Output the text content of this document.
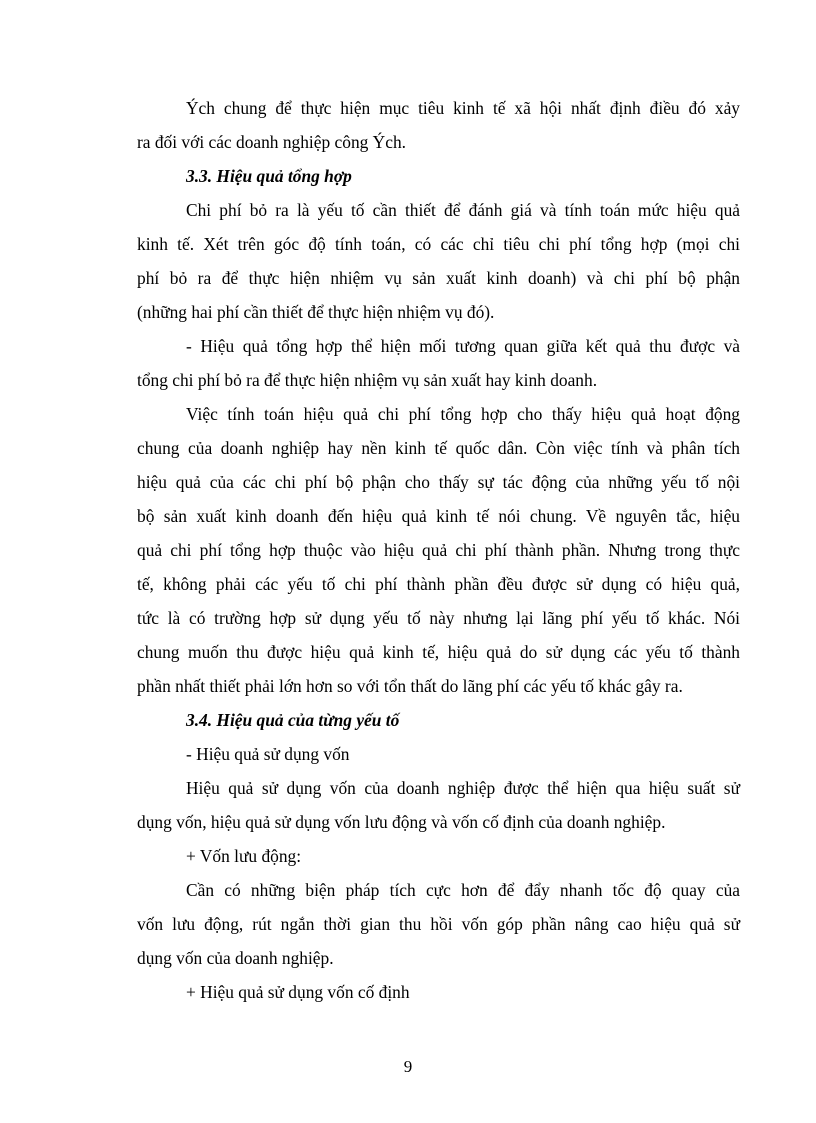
Ých chung để thực hiện mục tiêu kinh tế xã hội nhất định điều đó xảy
ra đối với các doanh nghiệp công Ých.
3.3. Hiệu quả tổng hợp
Chi phí bỏ ra là yếu tố cần thiết để đánh giá và tính toán mức hiệu quả
kinh tế. Xét trên góc độ tính toán, có các chỉ tiêu chi phí tổng hợp (mọi chi
phí bỏ ra để thực hiện nhiệm vụ sản xuất kinh doanh) và chi phí bộ phận
(những hai phí cần thiết để thực hiện nhiệm vụ đó).
- Hiệu quả tổng hợp thể hiện mối tương quan giữa kết quả thu được và
tổng chi phí bỏ ra để thực hiện nhiệm vụ sản xuất hay kinh doanh.
Việc tính toán hiệu quả chi phí tổng hợp cho thấy hiệu quả hoạt động
chung của doanh nghiệp hay nền kinh tế quốc dân. Còn việc tính và phân tích
hiệu quả của các chi phí bộ phận cho thấy sự tác động của những yếu tố nội
bộ sản xuất kinh doanh đến hiệu quả kinh tế nói chung. Về nguyên tắc, hiệu
quả chi phí tổng hợp thuộc vào hiệu quả chi phí thành phần. Nhưng trong thực
tế, không phải các yếu tố chi phí thành phần đều được sử dụng có hiệu quả,
tức là có trường hợp sử dụng yếu tố này nhưng lại lãng phí yếu tố khác. Nói
chung muốn thu được hiệu quả kinh tế, hiệu quả do sử dụng các yếu tố thành
phần nhất thiết phải lớn hơn so với tổn thất do lãng phí các yếu tố khác gây ra.
3.4. Hiệu quả của từng yếu tố
- Hiệu quả sử dụng vốn
Hiệu quả sử dụng vốn của doanh nghiệp được thể hiện qua hiệu suất sử
dụng vốn, hiệu quả sử dụng vốn lưu động và vốn cố định của doanh nghiệp.
+ Vốn lưu động:
Cần có những biện pháp tích cực hơn để đẩy nhanh tốc độ quay của
vốn lưu động, rút ngắn thời gian thu hồi vốn góp phần nâng cao hiệu quả sử
dụng vốn của doanh nghiệp.
+ Hiệu quả sử dụng vốn cố định
9
